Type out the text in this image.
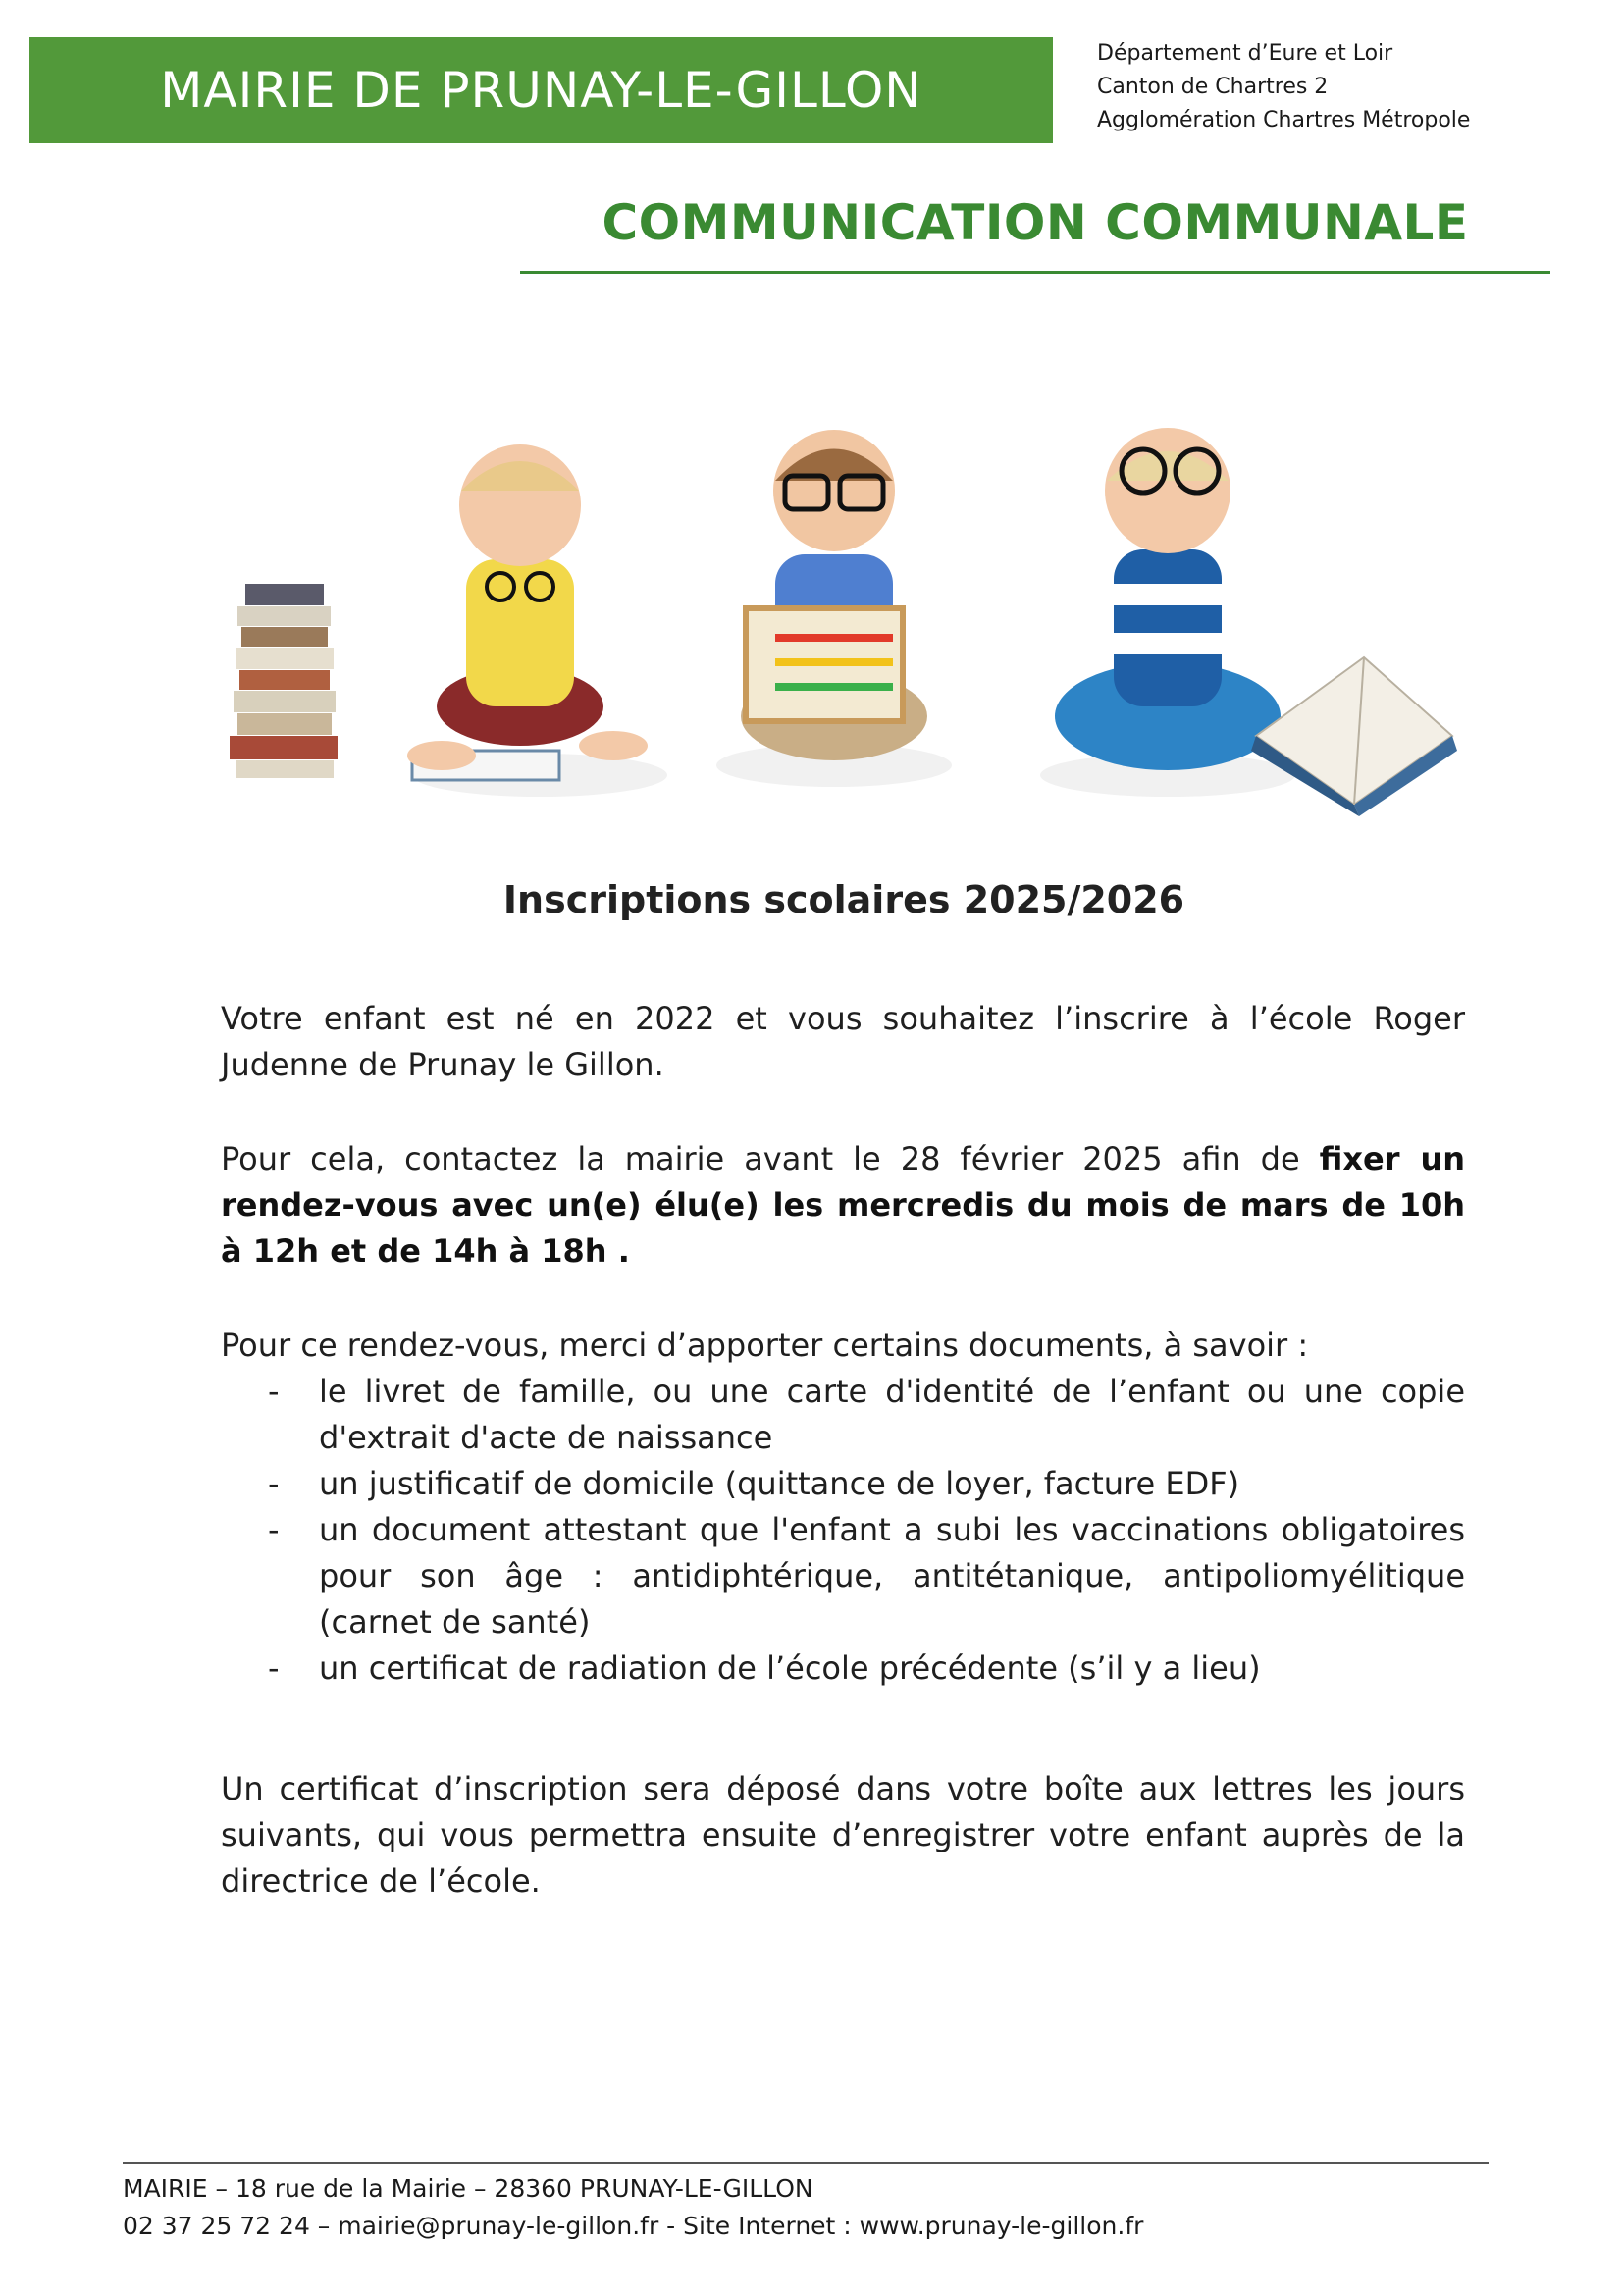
MAIRIE DE PRUNAY-LE-GILLON
Département d’Eure et Loir
Canton de Chartres 2
Agglomération Chartres Métropole
COMMUNICATION COMMUNALE
Inscriptions scolaires 2025/2026
Votre enfant est né en 2022 et vous souhaitez l’inscrire à l’école Roger Judenne de Prunay le Gillon.
Pour cela, contactez la mairie avant le 28 février 2025 afin de fixer un rendez-vous avec un(e) élu(e) les mercredis du mois de mars de 10h à 12h et de 14h à 18h .
Pour ce rendez-vous, merci d’apporter certains documents, à savoir :
- le livret de famille, ou une carte d'identité de l’enfant ou une copie d'extrait d'acte de naissance
- un justificatif de domicile (quittance de loyer, facture EDF)
- un document attestant que l'enfant a subi les vaccinations obligatoires pour son âge : antidiphtérique, antitétanique, antipoliomyélitique (carnet de santé)
- un certificat de radiation de l’école précédente (s’il y a lieu)
Un certificat d’inscription sera déposé dans votre boîte aux lettres les jours suivants, qui vous permettra ensuite d’enregistrer votre enfant auprès de la directrice de l’école.
MAIRIE – 18 rue de la Mairie – 28360 PRUNAY-LE-GILLON
02 37 25 72 24 – mairie@prunay-le-gillon.fr - Site Internet : www.prunay-le-gillon.fr
